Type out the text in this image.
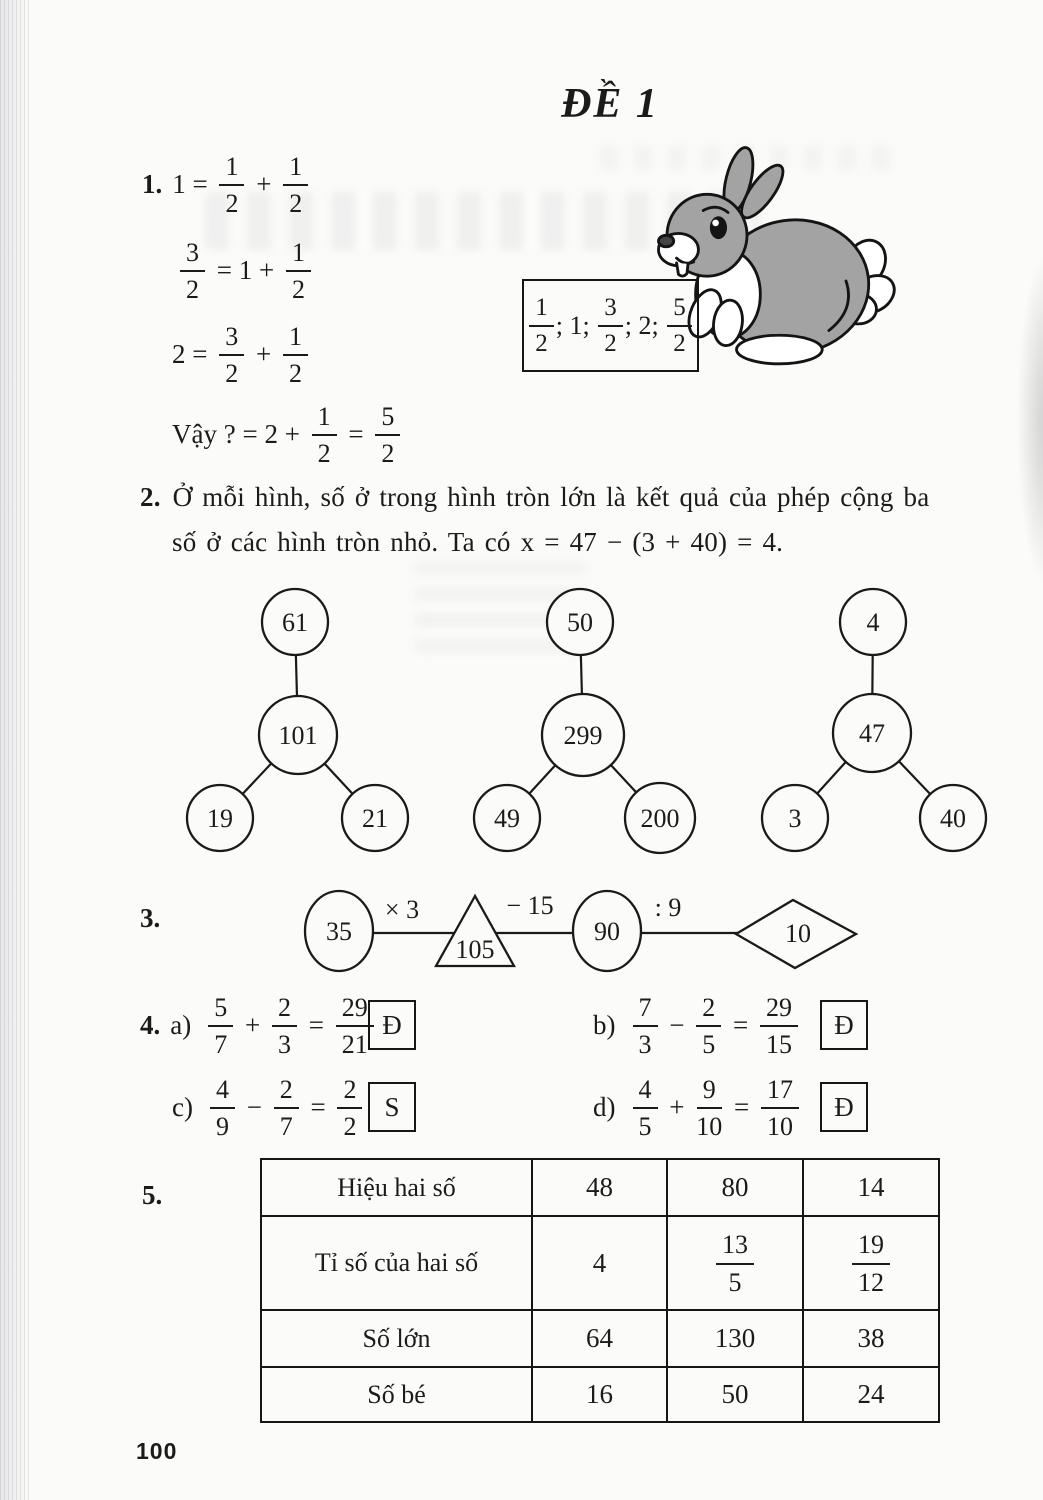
ĐỀ 1
1. $1 = \frac{1}{2} + \frac{1}{2}$
$\frac{3}{2} = 1 + \frac{1}{2}$
$2 = \frac{3}{2} + \frac{1}{2}$
Vậy ? = $2 + \frac{1}{2} = \frac{5}{2}$
$\frac{1}{2}$ ; 1; $\frac{3}{2}$ ; 2; $\frac{5}{2}$
2. Ở mỗi hình, số ở trong hình tròn lớn là kết quả của phép cộng ba
số ở các hình tròn nhỏ. Ta có x = 47 − (3 + 40) = 4.
61
101
19	21
50
299
49	200
4
47
3	40
3.	35
× 3
105
− 15
90
: 9
10
4. $a) \frac{5}{7} + \frac{2}{3} = \frac{29}{21}$ Đ	$b) \frac{7}{3} - \frac{2}{5} = \frac{29}{15}$ Đ
$c) \frac{4}{9} - \frac{2}{7} = \frac{2}{2}$ S	$d) \frac{4}{5} + \frac{9}{10} = \frac{17}{10}$ Đ
5.	Hiệu hai số	48	80	14
Tỉ số của hai số	4	$\frac{13}{5}$	$\frac{19}{12}$

Số lớn	64	130	38
Số bé	16	50	24
100
